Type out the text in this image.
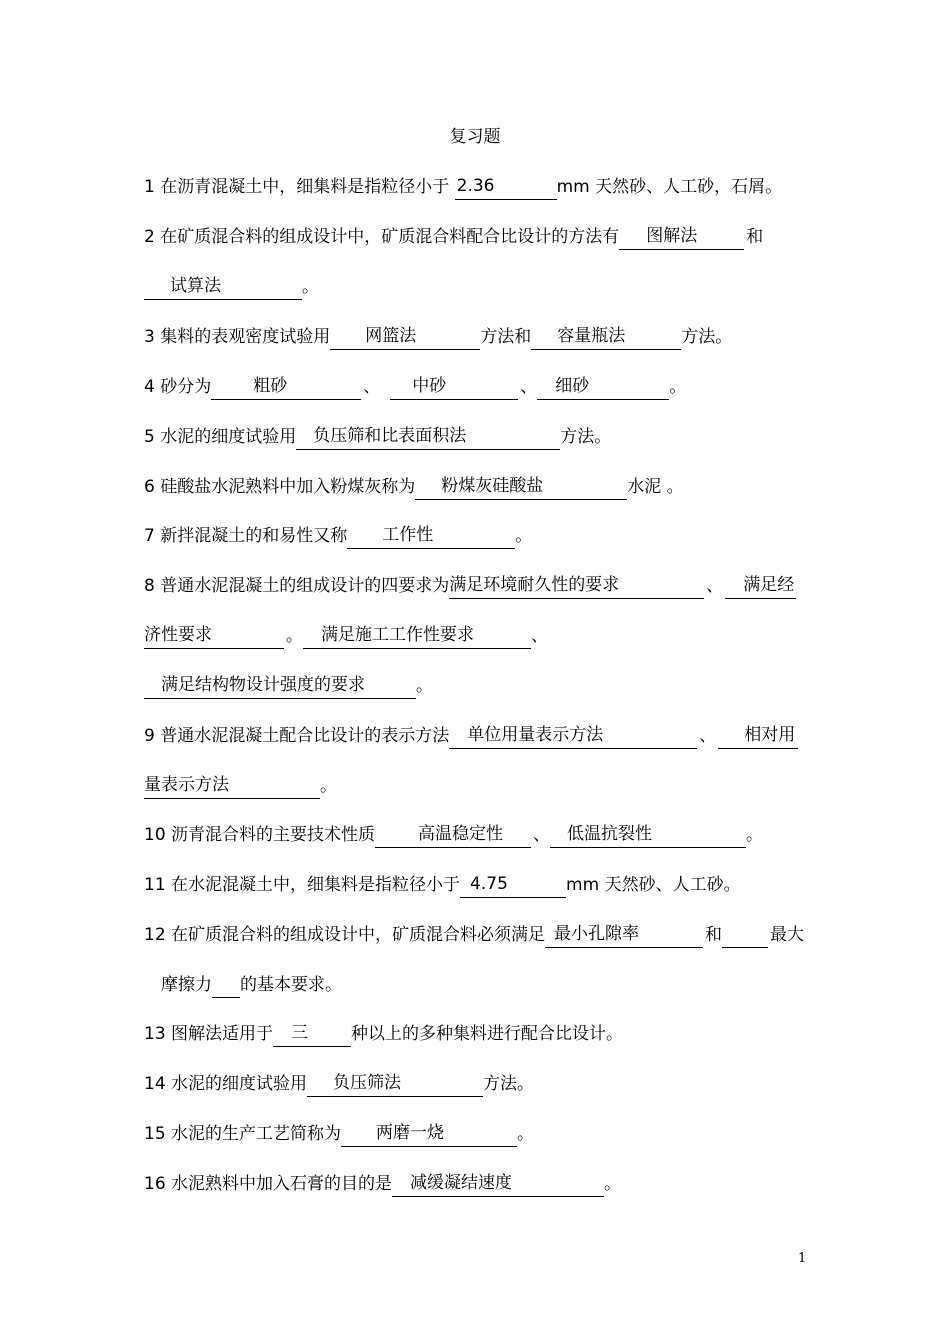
复习题
1 在沥青混凝土中，细集料是指粒径小于 2.36	mm 天然砂、人工砂，石屑。
2 在矿质混合料的组成设计中，矿质混合料配合比设计的方法有 图解法	和
试算法	。
3 集料的表观密度试验用 网篮法	方法和 容量瓶法	方法。
4 砂分为 粗砂	、 中砂	、 细砂	。
5 水泥的细度试验用 负压筛和比表面积法	方法。
6 硅酸盐水泥熟料中加入粉煤灰称为 粉煤灰硅酸盐	水泥 。
7 新拌混凝土的和易性又称 工作性	。
8 普通水泥混凝土的组成设计的四要求为满足环境耐久性的要求	、 满足经
济性要求	。 满足施工工作性要求	、
满足结构物设计强度的要求	。
9 普通水泥混凝土配合比设计的表示方法 单位用量表示方法	、 相对用
量表示方法	。
10 沥青混合料的主要技术性质	高温稳定性 、 低温抗裂性	。
11 在水泥混凝土中，细集料是指粒径小于 4.75	mm 天然砂、人工砂。
12 在矿质混合料的组成设计中，矿质混合料必须满足 最小孔隙率	和	最大
摩擦力 的基本要求。
13 图解法适用于 三	种以上的多种集料进行配合比设计。
14 水泥的细度试验用 负压筛法	方法。
15 水泥的生产工艺简称为 两磨一烧	。
16 水泥熟料中加入石膏的目的是 减缓凝结速度	。
1
